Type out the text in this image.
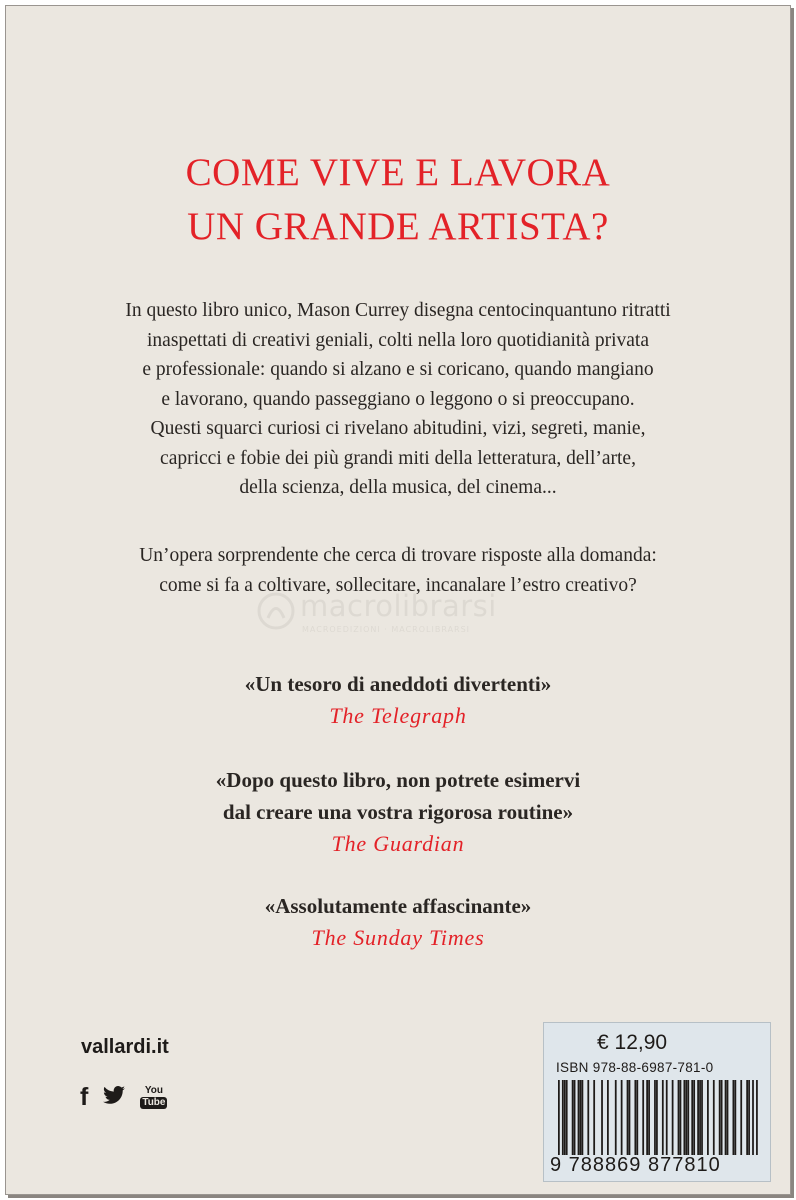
COME VIVE E LAVORA
UN GRANDE ARTISTA?
In questo libro unico, Mason Currey disegna centocinquantuno ritratti
inaspettati di creativi geniali, colti nella loro quotidianità privata
e professionale: quando si alzano e si coricano, quando mangiano
e lavorano, quando passeggiano o leggono o si preoccupano.
Questi squarci curiosi ci rivelano abitudini, vizi, segreti, manie,
capricci e fobie dei più grandi miti della letteratura, dell’arte,
della scienza, della musica, del cinema...
Un’opera sorprendente che cerca di trovare risposte alla domanda:
come si fa a coltivare, sollecitare, incanalare l’estro creativo?
macrolibrarsi
MACROEDIZIONI · MACROLIBRARSI
«Un tesoro di aneddoti divertenti»
The Telegraph
«Dopo questo libro, non potrete esimervi
dal creare una vostra rigorosa routine»
The Guardian
«Assolutamente affascinante»
The Sunday Times
vallardi.it
f	You
Tube
€ 12,90
ISBN 978-88-6987-781-0
9 788869 877810
